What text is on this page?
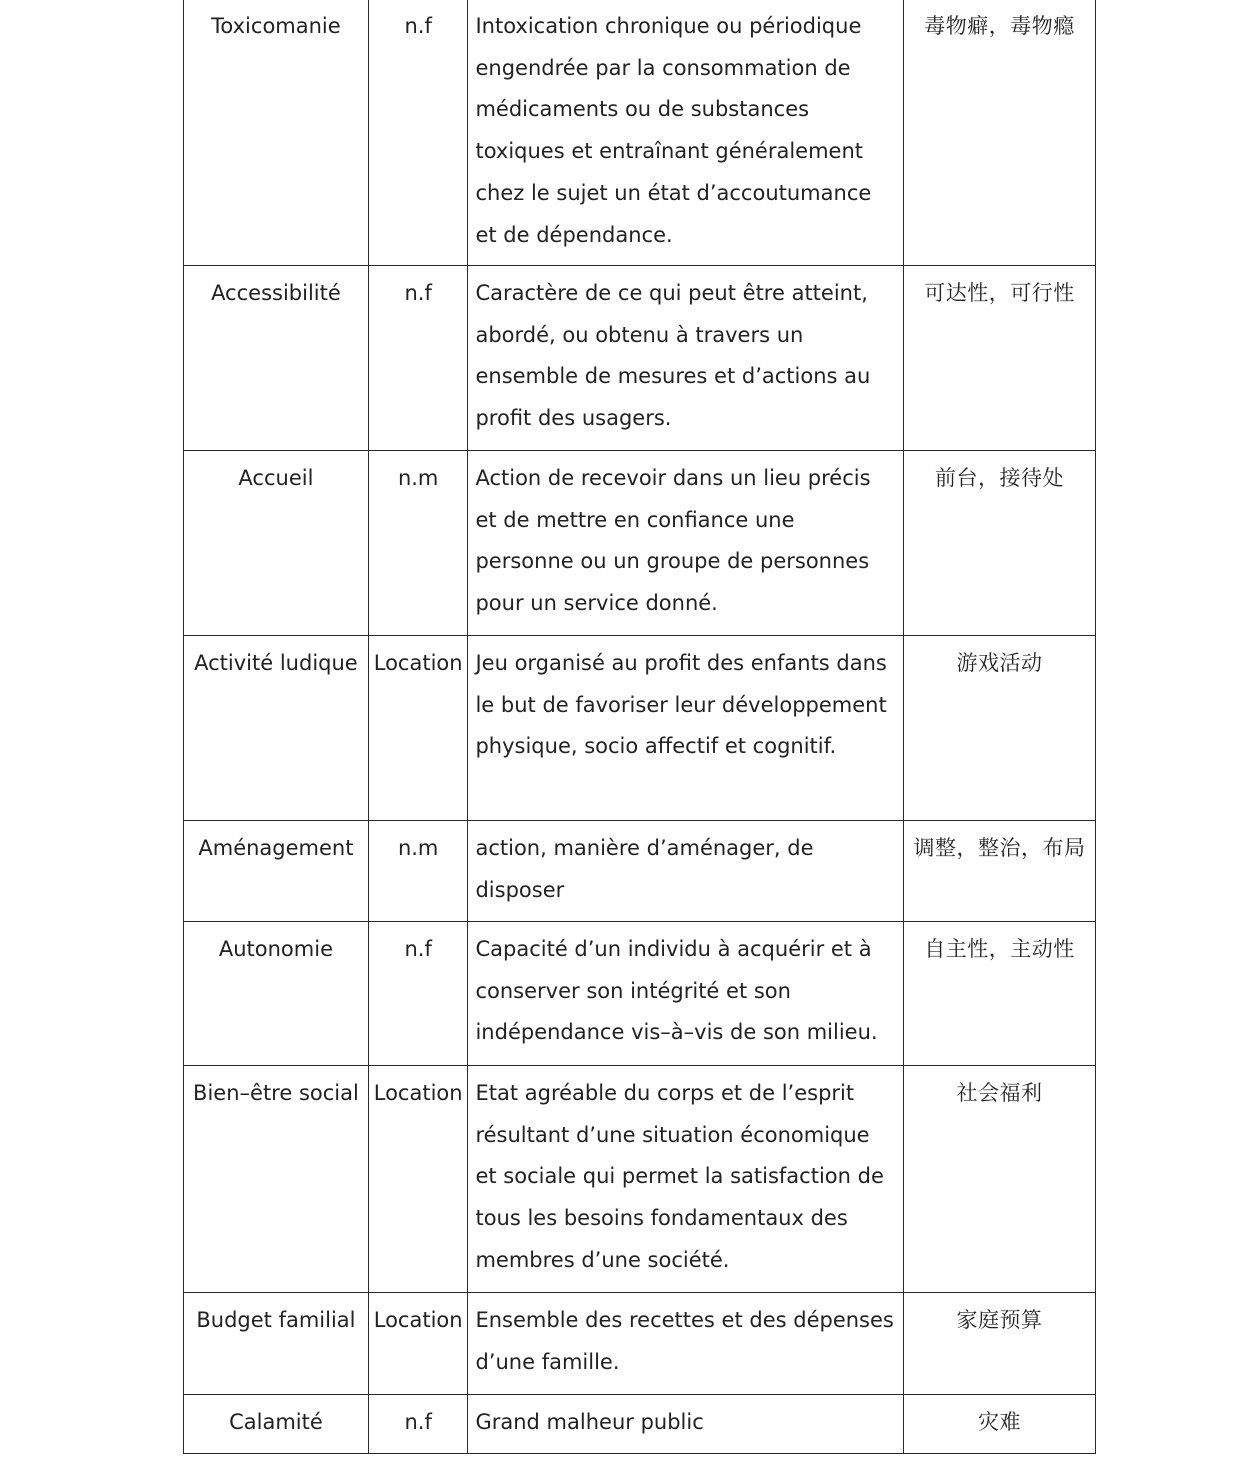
Toxicomanie	n.f	Intoxication chronique ou périodique engendrée par la consommation de médicaments ou de substances toxiques et entraînant généralement chez le sujet un état d’accoutumance et de dépendance.	毒物癖，毒物瘾
Accessibilité	n.f	Caractère de ce qui peut être atteint, abordé, ou obtenu à travers un ensemble de mesures et d’actions au profit des usagers.	可达性，可行性
Accueil	n.m	Action de recevoir dans un lieu précis et de mettre en confiance une personne ou un groupe de personnes pour un service donné.	前台，接待处
Activité ludique	Location	Jeu organisé au profit des enfants dans le but de favoriser leur développement physique, socio affectif et cognitif.	游戏活动
Aménagement	n.m	action, manière d’aménager, de disposer	调整，整治，布局
Autonomie	n.f	Capacité d’un individu à acquérir et à conserver son intégrité et son indépendance vis–à–vis de son milieu.	自主性，主动性
Bien–être social	Location	Etat agréable du corps et de l’esprit résultant d’une situation économique et sociale qui permet la satisfaction de tous les besoins fondamentaux des membres d’une société.	社会福利
Budget familial	Location	Ensemble des recettes et des dépenses d’une famille.	家庭预算
Calamité	n.f	Grand malheur public	灾难
